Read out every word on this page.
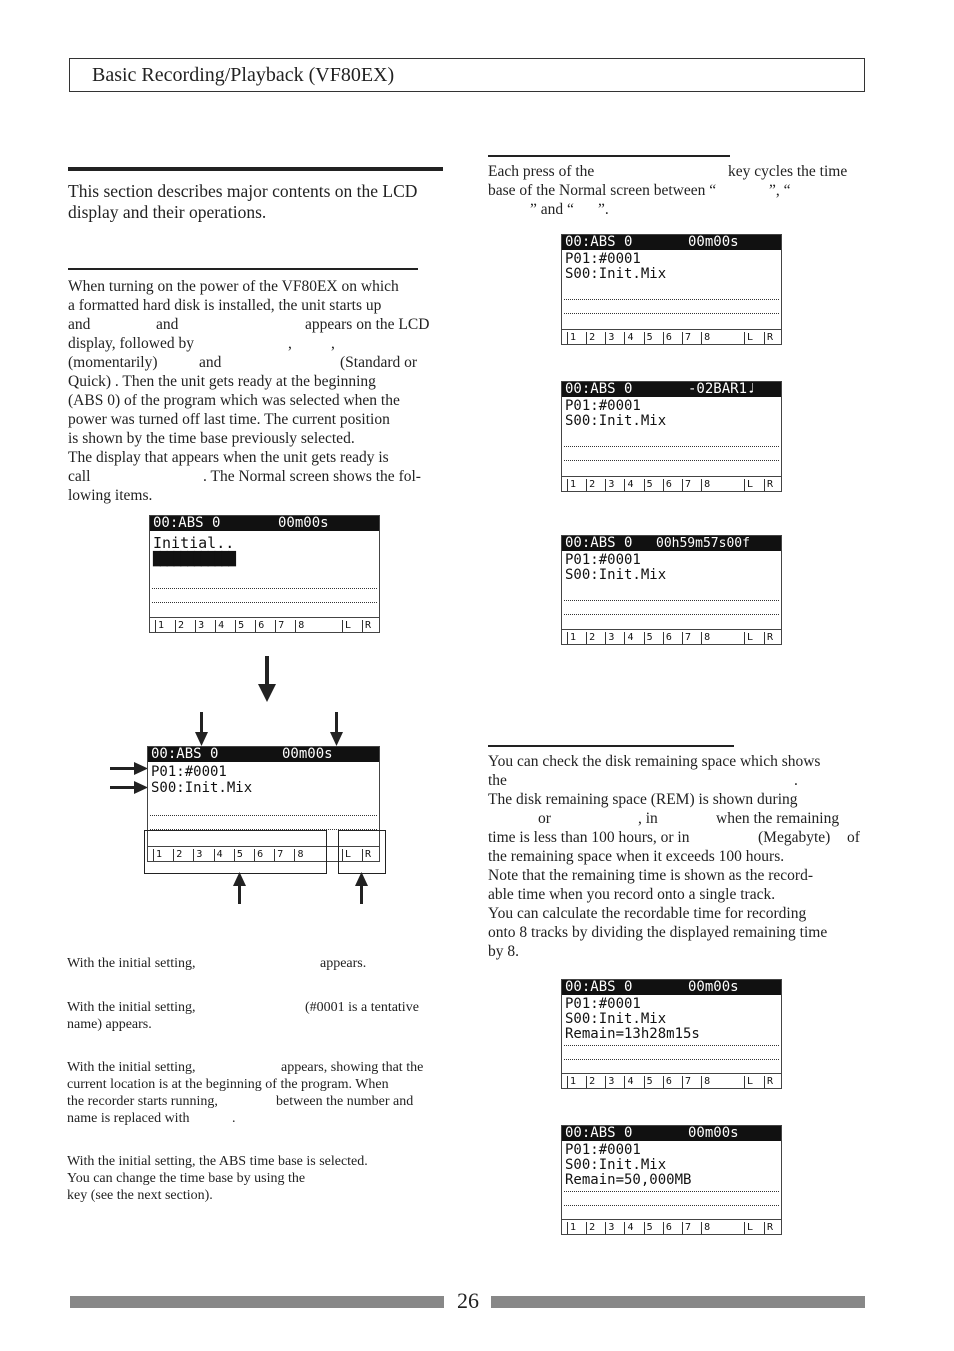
Basic Recording/Playback (VF80EX)
This section describes major contents on the LCD display and their operations.
When turning on the power of the VF80EX on which
a formatted hard disk is installed, the unit starts up
and	and	appears on the LCD
display, followed by	,	,
(momentarily)	and	(Standard or
Quick) . Then the unit gets ready at the beginning
(ABS 0) of the program which was selected when the
power was turned off last time. The current position
is shown by the time base previously selected.
The display that appears when the unit gets ready is
call	. The Normal screen shows the fol-
lowing items.
00:ABS 0	00m00s
Initial..
████████████
1 2 3 4 5 6 7 8	L R
00:ABS 0	00m00s
P01:#0001
S00:Init.Mix
1 2 3 4 5 6 7 8	L R
With the initial setting,	appears.
With the initial setting,	(#0001 is a tentative
name) appears.
With the initial setting,	appears, showing that the
current location is at the beginning of the program. When
the recorder starts running,	between the number and
name is replaced with	.
With the initial setting, the ABS time base is selected.
You can change the time base by using the
key (see the next section).
Each press of the	key cycles the time
base of the Normal screen between “	”, “
” and “ ”.
00:ABS 0	00m00s
P01:#0001
S00:Init.Mix
1 2 3 4 5 6 7 8	L R
00:ABS 0	-02BAR1♩
P01:#0001
S00:Init.Mix
1 2 3 4 5 6 7 8	L R
00:ABS 0 00h59m57s00f
P01:#0001
S00:Init.Mix
1 2 3 4 5 6 7 8	L R
You can check the disk remaining space which shows
the	.
The disk remaining space (REM) is shown during
or	, in	when the remaining
time is less than 100 hours, or in	(Megabyte) of
the remaining space when it exceeds 100 hours.
Note that the remaining time is shown as the record-
able time when you record onto a single track.
You can calculate the recordable time for recording
onto 8 tracks by dividing the displayed remaining time
by 8.
00:ABS 0	00m00s
P01:#0001
S00:Init.Mix
Remain=13h28m15s
1 2 3 4 5 6 7 8	L R
00:ABS 0	00m00s
P01:#0001
S00:Init.Mix
Remain=50,000MB
1 2 3 4 5 6 7 8	L R
26
